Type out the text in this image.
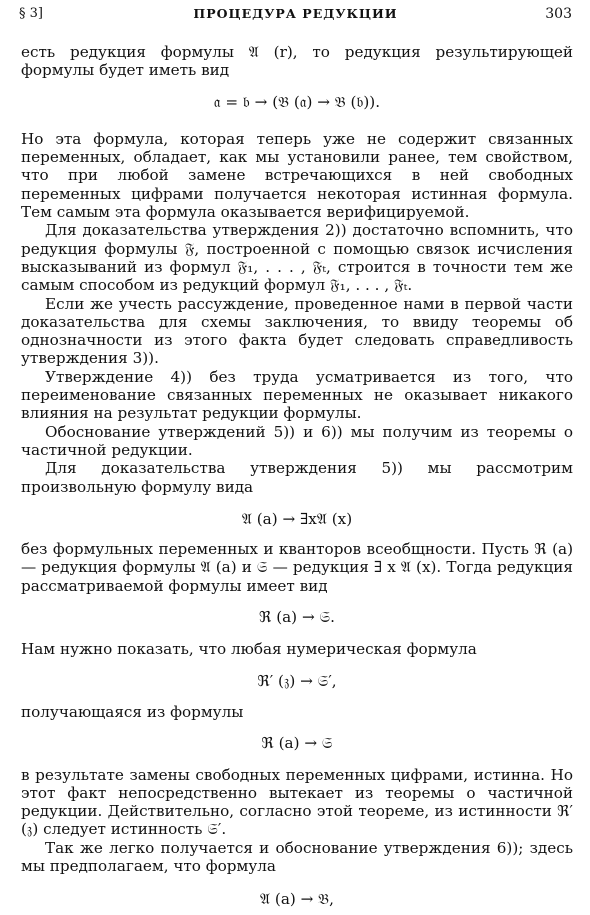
§ 3]	ПРОЦЕДУРА РЕДУКЦИИ	303

есть редукция формулы 𝔄 (r), то редукция результирующей формулы будет иметь вид

𝔞 = 𝔟 → (𝔅 (𝔞) → 𝔅 (𝔟)).

Но эта формула, которая теперь уже не содержит связанных переменных, обладает, как мы установили ранее, тем свойством, что при любой замене встречающихся в ней свободных переменных цифрами получается некоторая истинная формула. Тем самым эта формула оказывается верифицируемой.

Для доказательства утверждения 2)) достаточно вспомнить, что редукция формулы 𝔉, построенной с помощью связок исчисления высказываний из формул 𝔉₁, . . . , 𝔉ₜ, строится в точности тем же самым способом из редукций формул 𝔉₁, . . . , 𝔉ₜ.

Если же учесть рассуждение, проведенное нами в первой части доказательства для схемы заключения, то ввиду теоремы об однозначности из этого факта будет следовать справедливость утверждения 3)).

Утверждение 4)) без труда усматривается из того, что переименование связанных переменных не оказывает никакого влияния на результат редукции формулы.

Обоснование утверждений 5)) и 6)) мы получим из теоремы о частичной редукции.

Для доказательства утверждения 5)) мы рассмотрим произвольную формулу вида

𝔄 (a) → ∃x𝔄 (x)

без формульных переменных и кванторов всеобщности. Пусть ℜ (a) — редукция формулы 𝔄 (a) и 𝔖 — редукция ∃ x 𝔄 (x). Тогда редукция рассматриваемой формулы имеет вид

ℜ (a) → 𝔖.

Нам нужно показать, что любая нумерическая формула

ℜ′ (𝔷) → 𝔖′,

получающаяся из формулы

ℜ (a) → 𝔖

в результате замены свободных переменных цифрами, истинна. Но этот факт непосредственно вытекает из теоремы о частичной редукции. Действительно, согласно этой теореме, из истинности ℜ′ (𝔷) следует истинность 𝔖′.

Так же легко получается и обоснование утверждения 6)); здесь мы предполагаем, что формула

𝔄 (a) → 𝔅,
